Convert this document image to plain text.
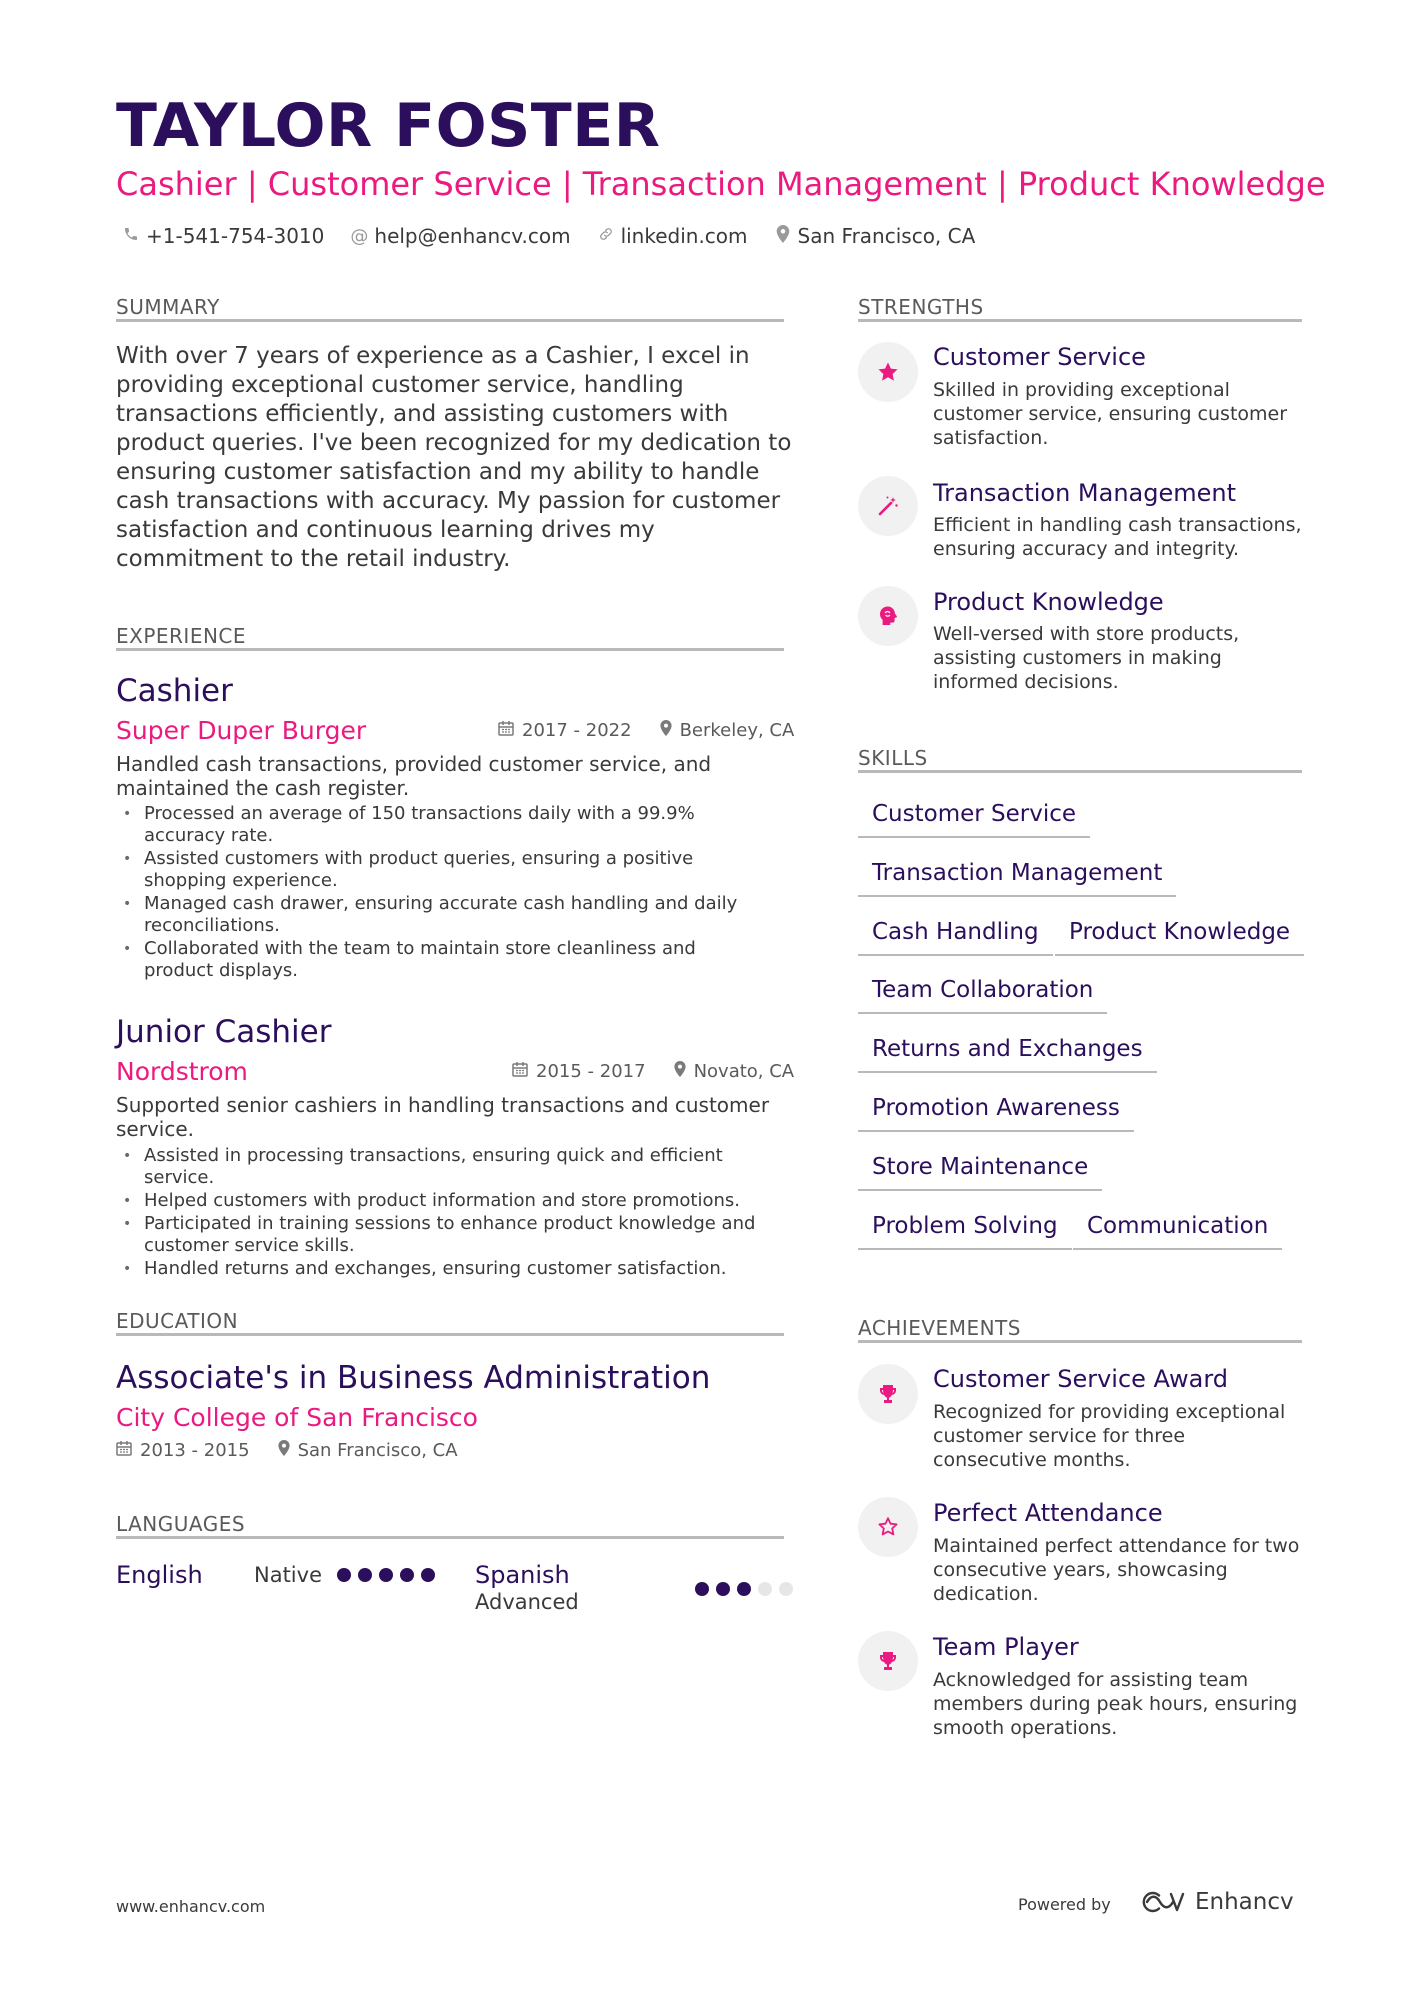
TAYLOR FOSTER
Cashier | Customer Service | Transaction Management | Product Knowledge
+1-541-754-3010 @ help@enhancv.com	linkedin.com	San Francisco, CA
SUMMARY
With over 7 years of experience as a Cashier, I excel in providing exceptional customer service, handling transactions efficiently, and assisting customers with product queries. I've been recognized for my dedication to ensuring customer satisfaction and my ability to handle cash transactions with accuracy. My passion for customer satisfaction and continuous learning drives my commitment to the retail industry.
EXPERIENCE
Cashier
Super Duper Burger	2017 - 2022	Berkeley, CA
Handled cash transactions, provided customer service, and maintained the cash register.
• Processed an average of 150 transactions daily with a 99.9% accuracy rate.
• Assisted customers with product queries, ensuring a positive shopping experience.
• Managed cash drawer, ensuring accurate cash handling and daily reconciliations.
• Collaborated with the team to maintain store cleanliness and product displays.
Junior Cashier
Nordstrom	2015 - 2017	Novato, CA
Supported senior cashiers in handling transactions and customer service.
• Assisted in processing transactions, ensuring quick and efficient service.
• Helped customers with product information and store promotions.
• Participated in training sessions to enhance product knowledge and customer service skills.
• Handled returns and exchanges, ensuring customer satisfaction.
EDUCATION
Associate's in Business Administration
City College of San Francisco
2013 - 2015	San Francisco, CA
LANGUAGES
English Native	Spanish
Advanced
STRENGTHS
Customer Service
Skilled in providing exceptional customer service, ensuring customer satisfaction.
Transaction Management
Efficient in handling cash transactions, ensuring accuracy and integrity.
Product Knowledge
Well-versed with store products, assisting customers in making informed decisions.
SKILLS
Customer Service
Transaction Management
Cash Handling	Product Knowledge
Team Collaboration
Returns and Exchanges
Promotion Awareness
Store Maintenance
Problem Solving	Communication
ACHIEVEMENTS
Customer Service Award
Recognized for providing exceptional customer service for three consecutive months.
Perfect Attendance
Maintained perfect attendance for two consecutive years, showcasing dedication.
Team Player
Acknowledged for assisting team members during peak hours, ensuring smooth operations.
www.enhancv.com	Powered by	Enhancv
